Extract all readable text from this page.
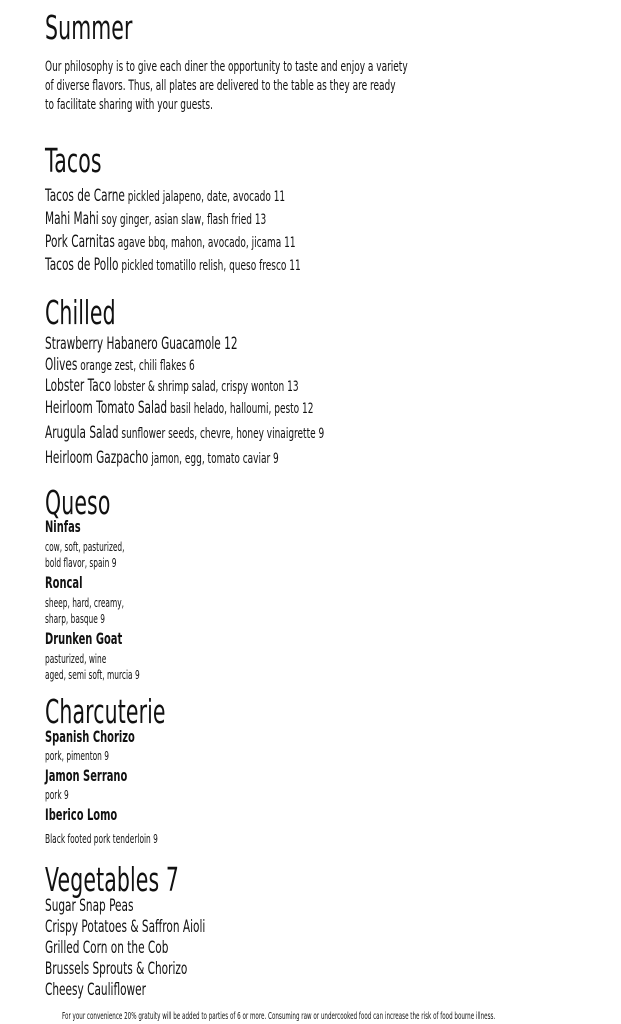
Summer
Our philosophy is to give each diner the opportunity to taste and enjoy a variety
of diverse flavors. Thus, all plates are delivered to the table as they are ready
to facilitate sharing with your guests.
Tacos
Tacos de Carne pickled jalapeno, date, avocado 11
Mahi Mahi soy ginger, asian slaw, flash fried 13
Pork Carnitas agave bbq, mahon, avocado, jicama 11
Tacos de Pollo pickled tomatillo relish, queso fresco 11
Chilled
Strawberry Habanero Guacamole 12
Olives orange zest, chili flakes 6
Lobster Taco lobster & shrimp salad, crispy wonton 13
Heirloom Tomato Salad basil helado, halloumi, pesto 12
Arugula Salad sunflower seeds, chevre, honey vinaigrette 9
Heirloom Gazpacho jamon, egg, tomato caviar 9
Queso
Ninfas
cow, soft, pasturized,
bold flavor, spain 9
Roncal
sheep, hard, creamy,
sharp, basque 9
Drunken Goat
pasturized, wine
aged, semi soft, murcia 9
Charcuterie
Spanish Chorizo
pork, pimenton 9
Jamon Serrano
pork 9
Iberico Lomo
Black footed pork tenderloin 9
Vegetables 7
Sugar Snap Peas
Crispy Potatoes & Saffron Aioli
Grilled Corn on the Cob
Brussels Sprouts & Chorizo
Cheesy Cauliflower
For your convenience 20% gratuity will be added to parties of 6 or more. Consuming raw or undercooked food can increase the risk of food bourne illness.
